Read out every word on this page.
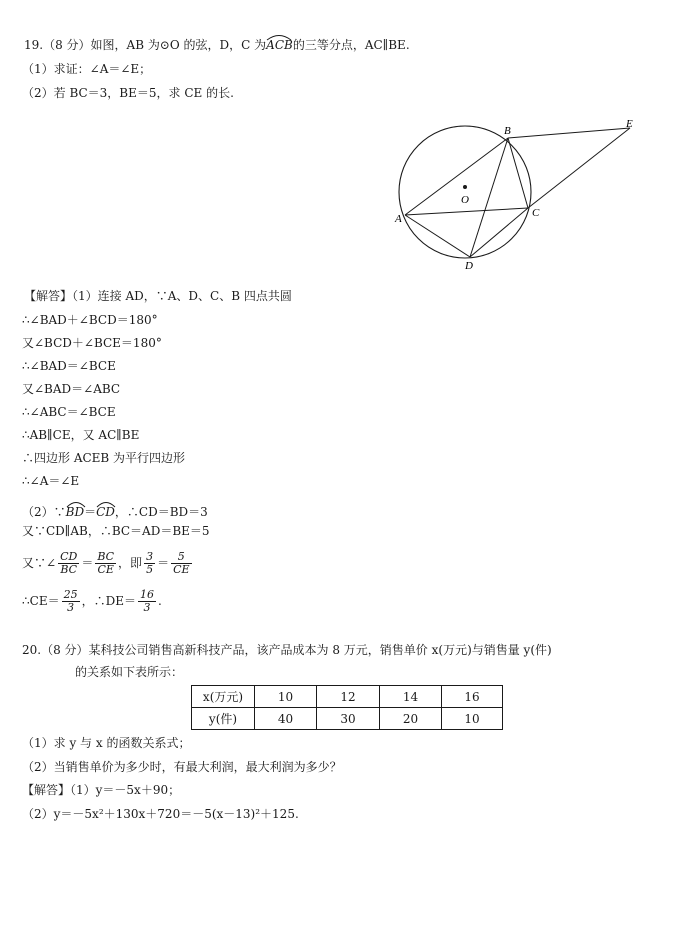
19.（8 分）如图，AB 为⊙O 的弦，D，C 为
ACB的三等分点，AC∥BE.
（1）求证：∠A＝∠E；
（2）若 BC＝3，BE＝5，求 CE 的长.
B
E
O
A	C
D
【解答】（1）连接 AD，∵A、D、C、B 四点共圆
∴∠BAD＋∠BCD＝180°
又∠BCD＋∠BCE＝180°
∴∠BAD＝∠BCE
又∠BAD＝∠ABC
∴∠ABC＝∠BCE
∴AB∥CE，又 AC∥BE
∴四边形 ACEB 为平行四边形
∴∠A＝∠E
（2）∵
BD＝
CD，∴CD＝BD＝3
又∵CD∥AB，∴BC＝AD＝BE＝5
又∵∠ $\frac{CD}{BC} = \frac{BC}{CE}$ ，即 $\frac{3}{5} = \frac{5}{CE}$
∴CE＝ $\frac{25}{3}$ ，∴DE＝ $\frac{16}{3}$ .
20.（8 分）某科技公司销售高新科技产品，该产品成本为 8 万元，销售单价 x(万元)与销售量 y(件)
的关系如下表所示：
x(万元)	10	12	14	16
y(件)	40	30	20	10
（1）求 y 与 x 的函数关系式；
（2）当销售单价为多少时，有最大利润，最大利润为多少？
【解答】（1）y＝－5x＋90；
（2）y＝－5x²＋130x＋720＝－5(x－13)²＋125.
